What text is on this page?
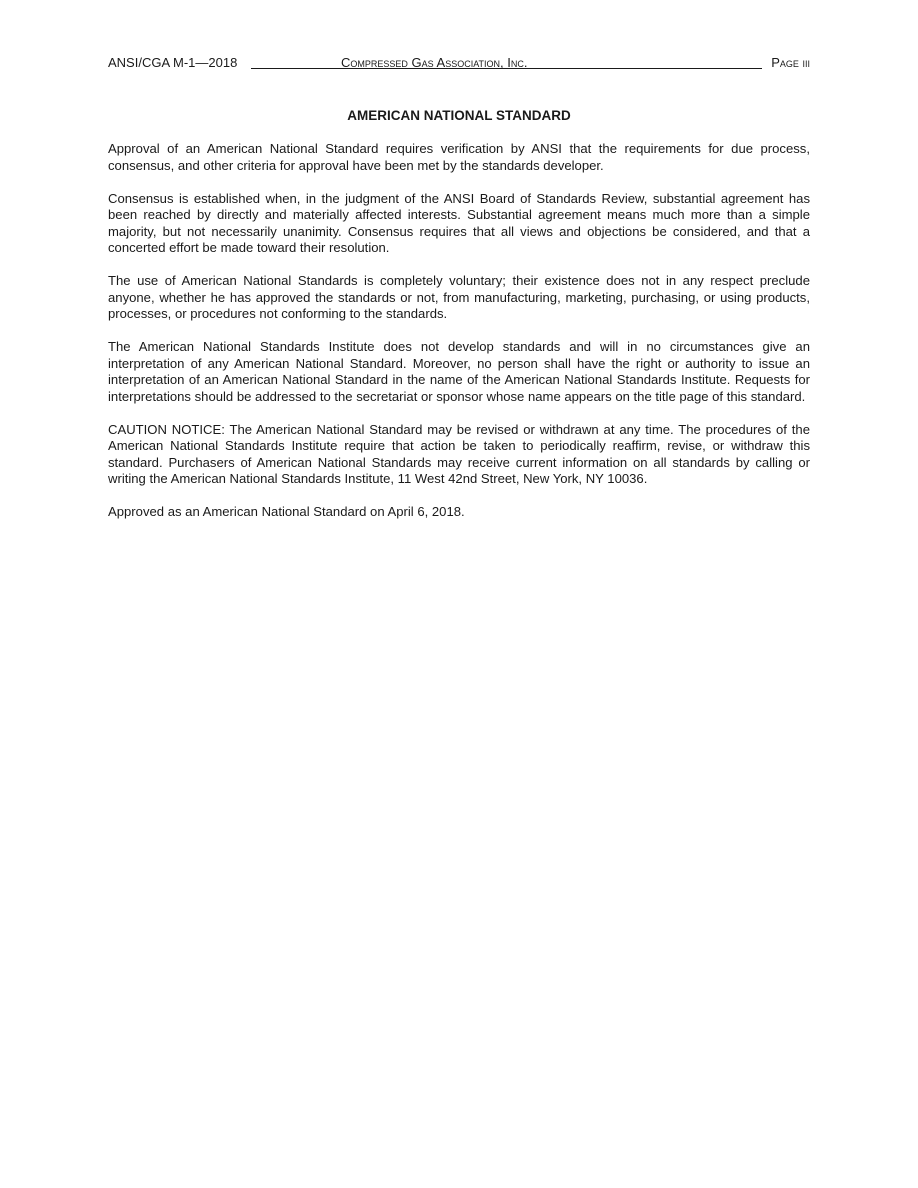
ANSI/CGA M-1—2018	Compressed Gas Association, Inc.	Page iii
AMERICAN NATIONAL STANDARD

Approval of an American National Standard requires verification by ANSI that the requirements for due process, consensus, and other criteria for approval have been met by the standards developer.

Consensus is established when, in the judgment of the ANSI Board of Standards Review, substantial agreement has been reached by directly and materially affected interests. Substantial agreement means much more than a simple majority, but not necessarily unanimity. Consensus requires that all views and objections be considered, and that a concerted effort be made toward their resolution.

The use of American National Standards is completely voluntary; their existence does not in any respect preclude anyone, whether he has approved the standards or not, from manufacturing, marketing, purchasing, or using products, processes, or procedures not conforming to the standards.

The American National Standards Institute does not develop standards and will in no circumstances give an interpretation of any American National Standard. Moreover, no person shall have the right or authority to issue an interpretation of an American National Standard in the name of the American National Standards Institute. Requests for interpretations should be addressed to the secretariat or sponsor whose name appears on the title page of this standard.

CAUTION NOTICE: The American National Standard may be revised or withdrawn at any time. The procedures of the American National Standards Institute require that action be taken to periodically reaffirm, revise, or withdraw this standard. Purchasers of American National Standards may receive current information on all standards by calling or writing the American National Standards Institute, 11 West 42nd Street, New York, NY 10036.

Approved as an American National Standard on April 6, 2018.
